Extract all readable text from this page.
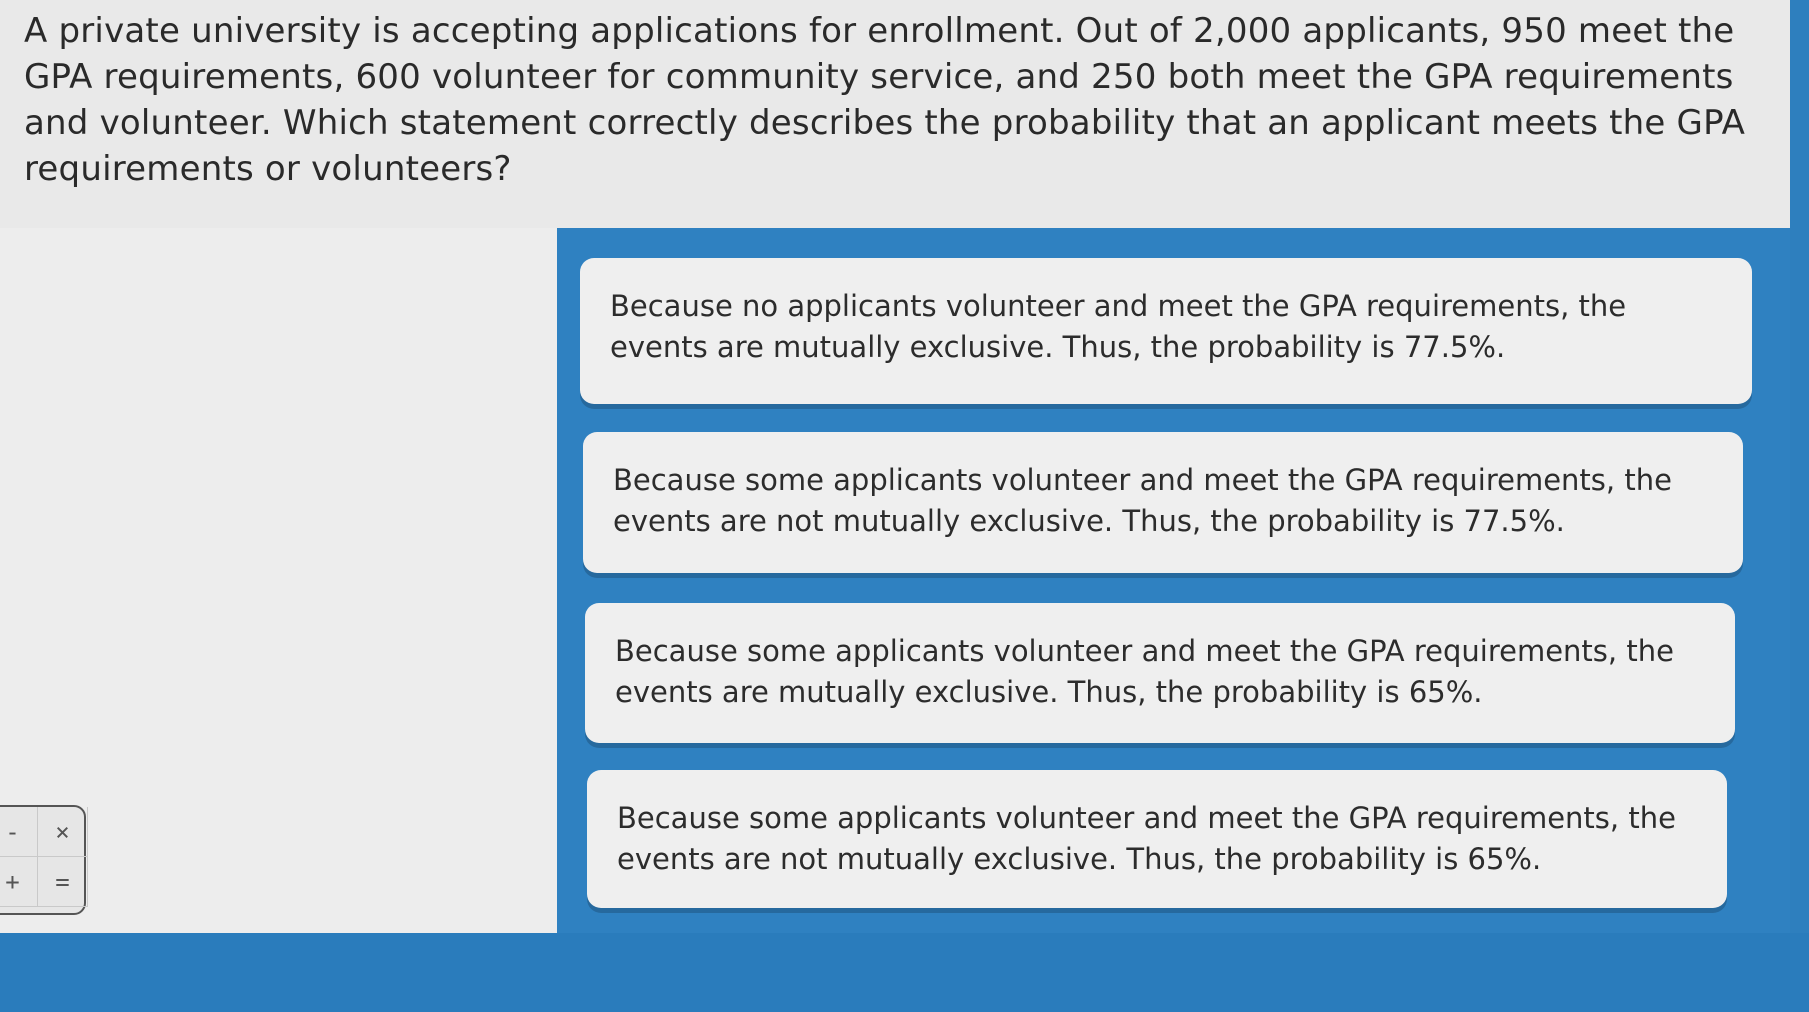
A private university is accepting applications for enrollment. Out of 2,000 applicants, 950 meet the GPA requirements, 600 volunteer for community service, and 250 both meet the GPA requirements and volunteer. Which statement correctly describes the probability that an applicant meets the GPA requirements or volunteers?

Because no applicants volunteer and meet the GPA requirements, the events are mutually exclusive. Thus, the probability is 77.5%.
Because some applicants volunteer and meet the GPA requirements, the events are not mutually exclusive. Thus, the probability is 77.5%.
Because some applicants volunteer and meet the GPA requirements, the events are mutually exclusive. Thus, the probability is 65%.
Because some applicants volunteer and meet the GPA requirements, the events are not mutually exclusive. Thus, the probability is 65%.
-	×
+	=
